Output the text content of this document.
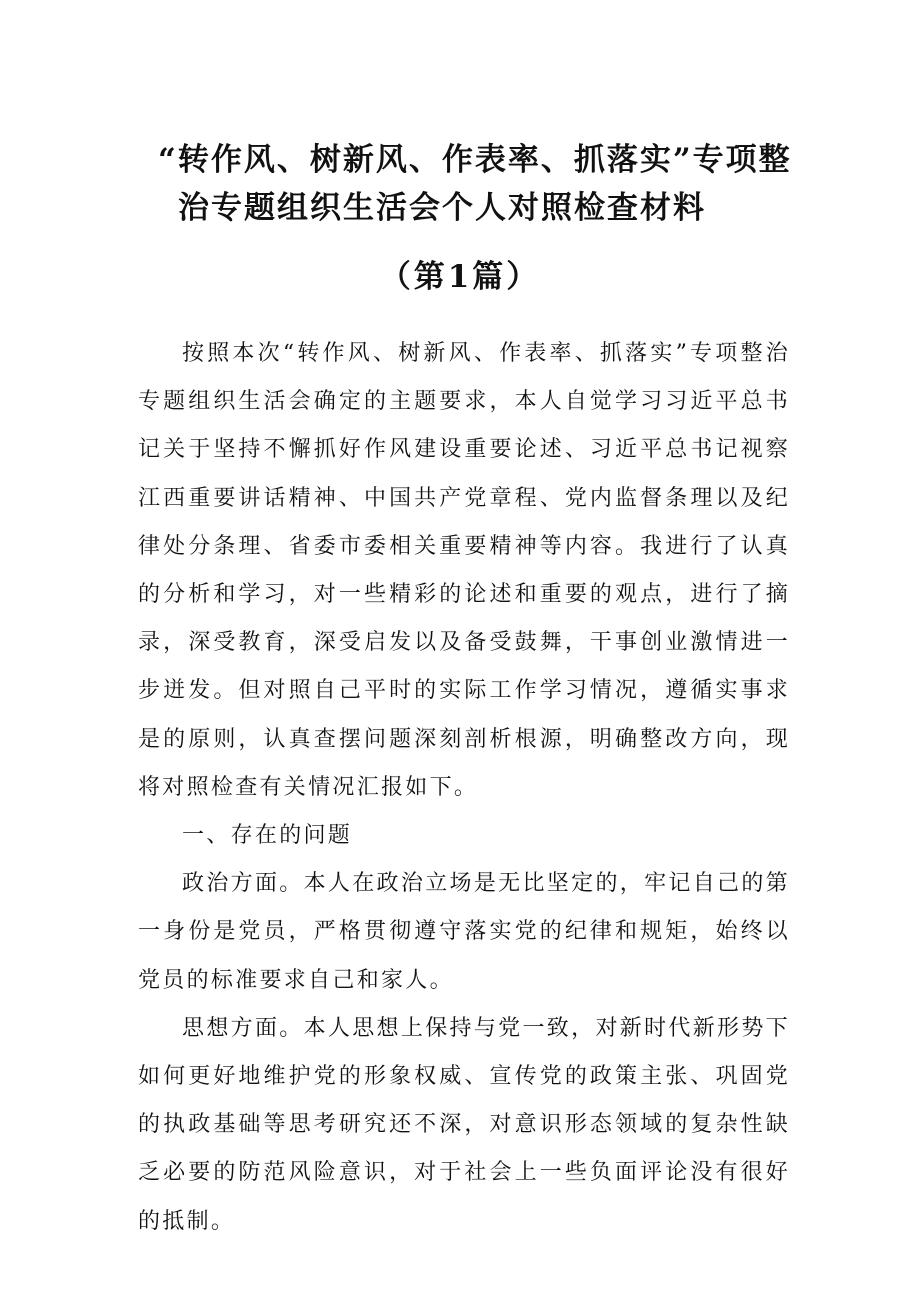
“转作风、树新风、作表率、抓落实”专项整
治专题组织生活会个人对照检查材料
（第1篇）

按照本次“转作风、树新风、作表率、抓落实”专项整治专题组织生活会确定的主题要求，本人自觉学习习近平总书记关于坚持不懈抓好作风建设重要论述、习近平总书记视察江西重要讲话精神、中国共产党章程、党内监督条理以及纪律处分条理、省委市委相关重要精神等内容。我进行了认真的分析和学习，对一些精彩的论述和重要的观点，进行了摘录，深受教育，深受启发以及备受鼓舞，干事创业激情进一步迸发。但对照自己平时的实际工作学习情况，遵循实事求是的原则，认真查摆问题深刻剖析根源，明确整改方向，现将对照检查有关情况汇报如下。

一、存在的问题

政治方面。本人在政治立场是无比坚定的，牢记自己的第一身份是党员，严格贯彻遵守落实党的纪律和规矩，始终以党员的标准要求自己和家人。

思想方面。本人思想上保持与党一致，对新时代新形势下如何更好地维护党的形象权威、宣传党的政策主张、巩固党的执政基础等思考研究还不深，对意识形态领域的复杂性缺乏必要的防范风险意识，对于社会上一些负面评论没有很好的抵制。
